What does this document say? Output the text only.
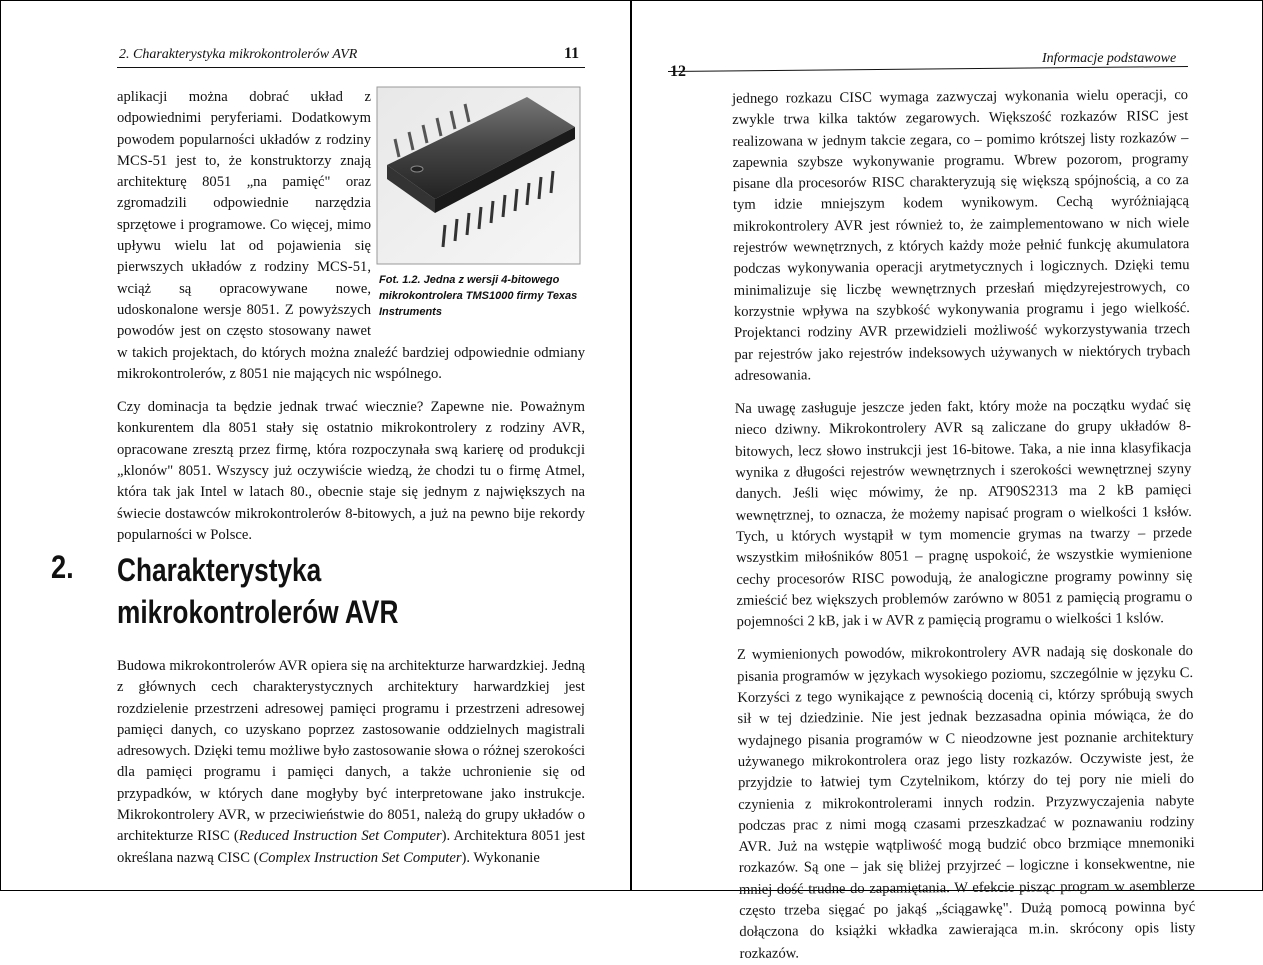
2. Charakterystyka mikrokontrolerów AVR	11
Fot. 1.2. Jedna z wersji 4-bitowego mikrokontrolera TMS1000 firmy Texas Instruments

aplikacji można dobrać układ z odpowiednimi peryferiami. Dodatkowym powodem popularności układów z rodziny MCS-51 jest to, że konstruktorzy znają architekturę 8051 „na pamięć" oraz zgromadzili odpowiednie narzędzia sprzętowe i programowe. Co więcej, mimo upływu wielu lat od pojawienia się pierwszych układów z rodziny MCS-51, wciąż są opracowywane nowe, udoskonalone wersje 8051. Z powyższych powodów jest on często stosowany nawet w takich projektach, do których można znaleźć bardziej odpowiednie odmiany mikrokontrolerów, z 8051 nie mających nic wspólnego.

Czy dominacja ta będzie jednak trwać wiecznie? Zapewne nie. Poważnym konkurentem dla 8051 stały się ostatnio mikrokontrolery z rodziny AVR, opracowane zresztą przez firmę, która rozpoczynała swą karierę od produkcji „klonów" 8051. Wszyscy już oczywiście wiedzą, że chodzi tu o firmę Atmel, która tak jak Intel w latach 80., obecnie staje się jednym z największych na świecie dostawców mikrokontrolerów 8-bitowych, a już na pewno bije rekordy popularności w Polsce.

2. Charakterystyka
mikrokontrolerów AVR

Budowa mikrokontrolerów AVR opiera się na architekturze harwardzkiej. Jedną z głównych cech charakterystycznych architektury harwardzkiej jest rozdzielenie przestrzeni adresowej pamięci programu i przestrzeni adresowej pamięci danych, co uzyskano poprzez zastosowanie oddzielnych magistrali adresowych. Dzięki temu możliwe było zastosowanie słowa o różnej szerokości dla pamięci programu i pamięci danych, a także uchronienie się od przypadków, w których dane mogłyby być interpretowane jako instrukcje. Mikrokontrolery AVR, w przeciwieństwie do 8051, należą do grupy układów o architekturze RISC (Reduced Instruction Set Computer). Architektura 8051 jest określana nazwą CISC (Complex Instruction Set Computer). Wykonanie

12
Informacje podstawowe

jednego rozkazu CISC wymaga zazwyczaj wykonania wielu operacji, co zwykle trwa kilka taktów zegarowych. Większość rozkazów RISC jest realizowana w jednym takcie zegara, co – pomimo krótszej listy rozkazów – zapewnia szybsze wykonywanie programu. Wbrew pozorom, programy pisane dla procesorów RISC charakteryzują się większą spójnością, a co za tym idzie mniejszym kodem wynikowym. Cechą wyróżniającą mikrokontrolery AVR jest również to, że zaimplementowano w nich wiele rejestrów wewnętrznych, z których każdy może pełnić funkcję akumulatora podczas wykonywania operacji arytmetycznych i logicznych. Dzięki temu minimalizuje się liczbę wewnętrznych przesłań międzyrejestrowych, co korzystnie wpływa na szybkość wykonywania programu i jego wielkość. Projektanci rodziny AVR przewidzieli możliwość wykorzystywania trzech par rejestrów jako rejestrów indeksowych używanych w niektórych trybach adresowania.

Na uwagę zasługuje jeszcze jeden fakt, który może na początku wydać się nieco dziwny. Mikrokontrolery AVR są zaliczane do grupy układów 8-bitowych, lecz słowo instrukcji jest 16-bitowe. Taka, a nie inna klasyfikacja wynika z długości rejestrów wewnętrznych i szerokości wewnętrznej szyny danych. Jeśli więc mówimy, że np. AT90S2313 ma 2 kB pamięci wewnętrznej, to oznacza, że możemy napisać program o wielkości 1 ksłów. Tych, u których wystąpił w tym momencie grymas na twarzy – przede wszystkim miłośników 8051 – pragnę uspokoić, że wszystkie wymienione cechy procesorów RISC powodują, że analogiczne programy powinny się zmieścić bez większych problemów zarówno w 8051 z pamięcią programu o pojemności 2 kB, jak i w AVR z pamięcią programu o wielkości 1 kslów.

Z wymienionych powodów, mikrokontrolery AVR nadają się doskonale do pisania programów w językach wysokiego poziomu, szczególnie w języku C. Korzyści z tego wynikające z pewnością docenią ci, którzy spróbują swych sił w tej dziedzinie. Nie jest jednak bezzasadna opinia mówiąca, że do wydajnego pisania programów w C nieodzowne jest poznanie architektury używanego mikrokontrolera oraz jego listy rozkazów. Oczywiste jest, że przyjdzie to łatwiej tym Czytelnikom, którzy do tej pory nie mieli do czynienia z mikrokontrolerami innych rodzin. Przyzwyczajenia nabyte podczas prac z nimi mogą czasami przeszkadzać w poznawaniu rodziny AVR. Już na wstępie wątpliwość mogą budzić obco brzmiące mnemoniki rozkazów. Są one – jak się bliżej przyjrzeć – logiczne i konsekwentne, nie mniej dość trudne do zapamiętania. W efekcie pisząc program w asemblerze często trzeba sięgać po jakąś „ściągawkę". Dużą pomocą powinna być dołączona do książki wkładka zawierająca m.in. skrócony opis listy rozkazów.
